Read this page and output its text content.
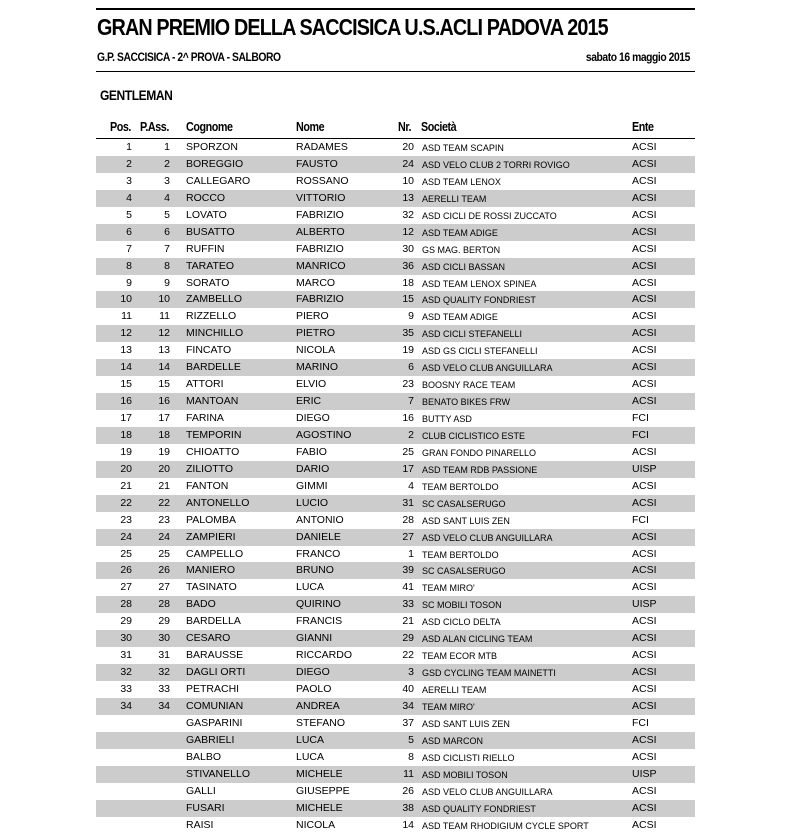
GRAN PREMIO DELLA SACCISICA U.S.ACLI PADOVA 2015
G.P. SACCISICA - 2^ PROVA - SALBORO	sabato 16 maggio 2015
GENTLEMAN
Pos. P.Ass. Cognome	Nome	Nr. Società	Ente
1	1 SPORZON	RADAMES	20 ASD TEAM SCAPIN	ACSI
2	2 BOREGGIO	FAUSTO	24 ASD VELO CLUB 2 TORRI ROVIGO	ACSI
3	3 CALLEGARO	ROSSANO	10 ASD TEAM LENOX	ACSI
4	4 ROCCO	VITTORIO	13 AERELLI TEAM	ACSI
5	5 LOVATO	FABRIZIO	32 ASD CICLI DE ROSSI ZUCCATO	ACSI
6	6 BUSATTO	ALBERTO	12 ASD TEAM ADIGE	ACSI
7	7 RUFFIN	FABRIZIO	30 GS MAG. BERTON	ACSI
8	8 TARATEO	MANRICO	36 ASD CICLI BASSAN	ACSI
9	9 SORATO	MARCO	18 ASD TEAM LENOX SPINEA	ACSI
10	10 ZAMBELLO	FABRIZIO	15 ASD QUALITY FONDRIEST	ACSI
11	11 RIZZELLO	PIERO	9 ASD TEAM ADIGE	ACSI
12	12 MINCHILLO	PIETRO	35 ASD CICLI STEFANELLI	ACSI
13	13 FINCATO	NICOLA	19 ASD GS CICLI STEFANELLI	ACSI
14	14 BARDELLE	MARINO	6 ASD VELO CLUB ANGUILLARA	ACSI
15	15 ATTORI	ELVIO	23 BOOSNY RACE TEAM	ACSI
16	16 MANTOAN	ERIC	7 BENATO BIKES FRW	ACSI
17	17 FARINA	DIEGO	16 BUTTY ASD	FCI
18	18 TEMPORIN	AGOSTINO	2 CLUB CICLISTICO ESTE	FCI
19	19 CHIOATTO	FABIO	25 GRAN FONDO PINARELLO	ACSI
20	20 ZILIOTTO	DARIO	17 ASD TEAM RDB PASSIONE	UISP
21	21 FANTON	GIMMI	4 TEAM BERTOLDO	ACSI
22	22 ANTONELLO	LUCIO	31 SC CASALSERUGO	ACSI
23	23 PALOMBA	ANTONIO	28 ASD SANT LUIS ZEN	FCI
24	24 ZAMPIERI	DANIELE	27 ASD VELO CLUB ANGUILLARA	ACSI
25	25 CAMPELLO	FRANCO	1 TEAM BERTOLDO	ACSI
26	26 MANIERO	BRUNO	39 SC CASALSERUGO	ACSI
27	27 TASINATO	LUCA	41 TEAM MIRO'	ACSI
28	28 BADO	QUIRINO	33 SC MOBILI TOSON	UISP
29	29 BARDELLA	FRANCIS	21 ASD CICLO DELTA	ACSI
30	30 CESARO	GIANNI	29 ASD ALAN CICLING TEAM	ACSI
31	31 BARAUSSE	RICCARDO	22 TEAM ECOR MTB	ACSI
32	32 DAGLI ORTI	DIEGO	3 GSD CYCLING TEAM MAINETTI	ACSI
33	33 PETRACHI	PAOLO	40 AERELLI TEAM	ACSI
34	34 COMUNIAN	ANDREA	34 TEAM MIRO'	ACSI
GASPARINI	STEFANO	37 ASD SANT LUIS ZEN	FCI
GABRIELI	LUCA	5 ASD MARCON	ACSI
BALBO	LUCA	8 ASD CICLISTI RIELLO	ACSI
STIVANELLO	MICHELE	11 ASD MOBILI TOSON	UISP
GALLI	GIUSEPPE	26 ASD VELO CLUB ANGUILLARA	ACSI
FUSARI	MICHELE	38 ASD QUALITY FONDRIEST	ACSI
RAISI	NICOLA	14 ASD TEAM RHODIGIUM CYCLE SPORT	ACSI
